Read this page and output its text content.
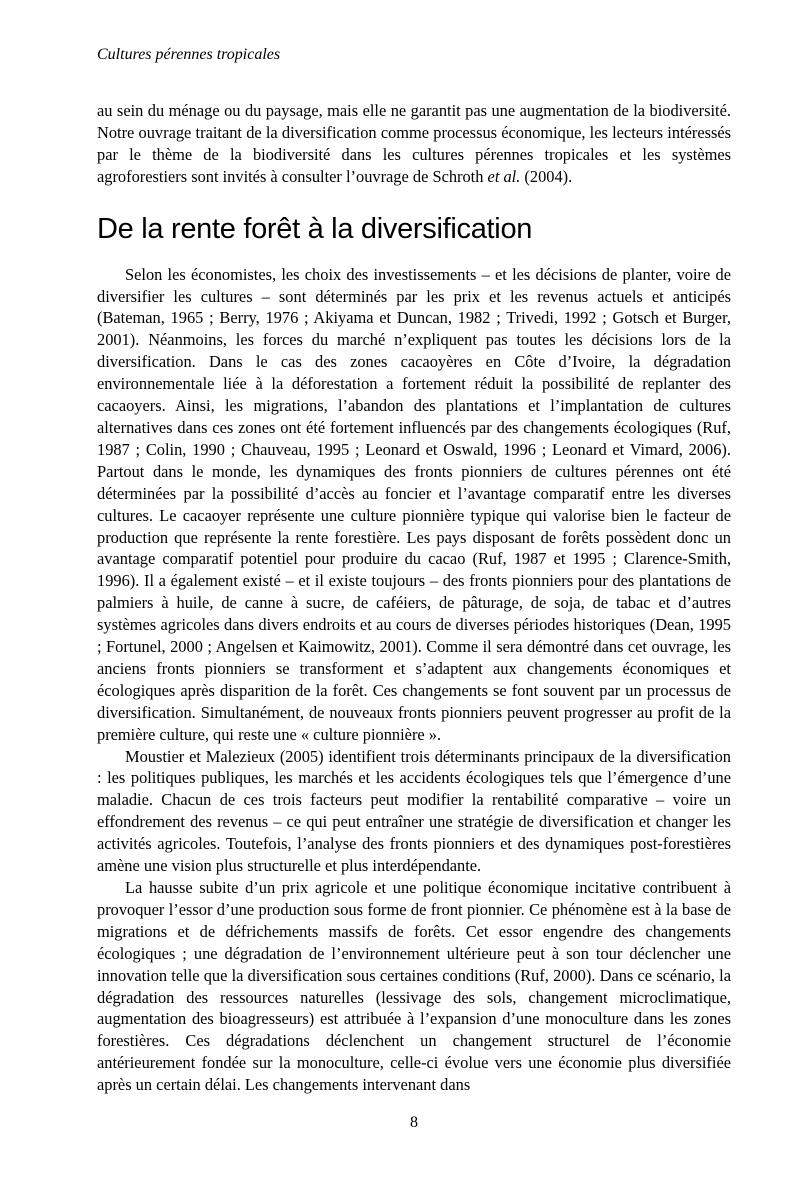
Cultures pérennes tropicales

au sein du ménage ou du paysage, mais elle ne garantit pas une augmentation de la biodiversité. Notre ouvrage traitant de la diversification comme processus économique, les lecteurs intéressés par le thème de la biodiversité dans les cultures pérennes tropicales et les systèmes agroforestiers sont invités à consulter l’ouvrage de Schroth et al. (2004).

De la rente forêt à la diversification

Selon les économistes, les choix des investissements – et les décisions de planter, voire de diversifier les cultures – sont déterminés par les prix et les revenus actuels et anticipés (Bateman, 1965 ; Berry, 1976 ; Akiyama et Duncan, 1982 ; Trivedi, 1992 ; Gotsch et Burger, 2001). Néanmoins, les forces du marché n’expliquent pas toutes les décisions lors de la diversification. Dans le cas des zones cacaoyères en Côte d’Ivoire, la dégradation environnementale liée à la déforestation a fortement réduit la possibilité de replanter des cacaoyers. Ainsi, les migrations, l’abandon des plantations et l’implantation de cultures alternatives dans ces zones ont été fortement influencés par des changements écologiques (Ruf, 1987 ; Colin, 1990 ; Chauveau, 1995 ; Leonard et Oswald, 1996 ; Leonard et Vimard, 2006). Partout dans le monde, les dynamiques des fronts pionniers de cultures pérennes ont été déterminées par la possibilité d’accès au foncier et l’avantage comparatif entre les diverses cultures. Le cacaoyer représente une culture pionnière typique qui valorise bien le facteur de production que représente la rente forestière. Les pays disposant de forêts possèdent donc un avantage comparatif potentiel pour produire du cacao (Ruf, 1987 et 1995 ; Clarence-Smith, 1996). Il a également existé – et il existe toujours – des fronts pionniers pour des plantations de palmiers à huile, de canne à sucre, de caféiers, de pâturage, de soja, de tabac et d’autres systèmes agricoles dans divers endroits et au cours de diverses périodes historiques (Dean, 1995 ; Fortunel, 2000 ; Angelsen et Kaimowitz, 2001). Comme il sera démontré dans cet ouvrage, les anciens fronts pionniers se transforment et s’adaptent aux changements économiques et écologiques après disparition de la forêt. Ces changements se font souvent par un processus de diversification. Simultanément, de nouveaux fronts pionniers peuvent progresser au profit de la première culture, qui reste une « culture pionnière ».

Moustier et Malezieux (2005) identifient trois déterminants principaux de la diversification : les politiques publiques, les marchés et les accidents écologiques tels que l’émergence d’une maladie. Chacun de ces trois facteurs peut modifier la rentabilité comparative – voire un effondrement des revenus – ce qui peut entraîner une stratégie de diversification et changer les activités agricoles. Toutefois, l’analyse des fronts pionniers et des dynamiques post-forestières amène une vision plus structurelle et plus interdépendante.

La hausse subite d’un prix agricole et une politique économique incitative contribuent à provoquer l’essor d’une production sous forme de front pionnier. Ce phénomène est à la base de migrations et de défrichements massifs de forêts. Cet essor engendre des changements écologiques ; une dégradation de l’environnement ultérieure peut à son tour déclencher une innovation telle que la diversification sous certaines conditions (Ruf, 2000). Dans ce scénario, la dégradation des ressources naturelles (lessivage des sols, changement microclimatique, augmentation des bioagresseurs) est attribuée à l’expansion d’une monoculture dans les zones forestières. Ces dégradations déclenchent un changement structurel de l’économie antérieurement fondée sur la monoculture, celle-ci évolue vers une économie plus diversifiée après un certain délai. Les changements intervenant dans

8
